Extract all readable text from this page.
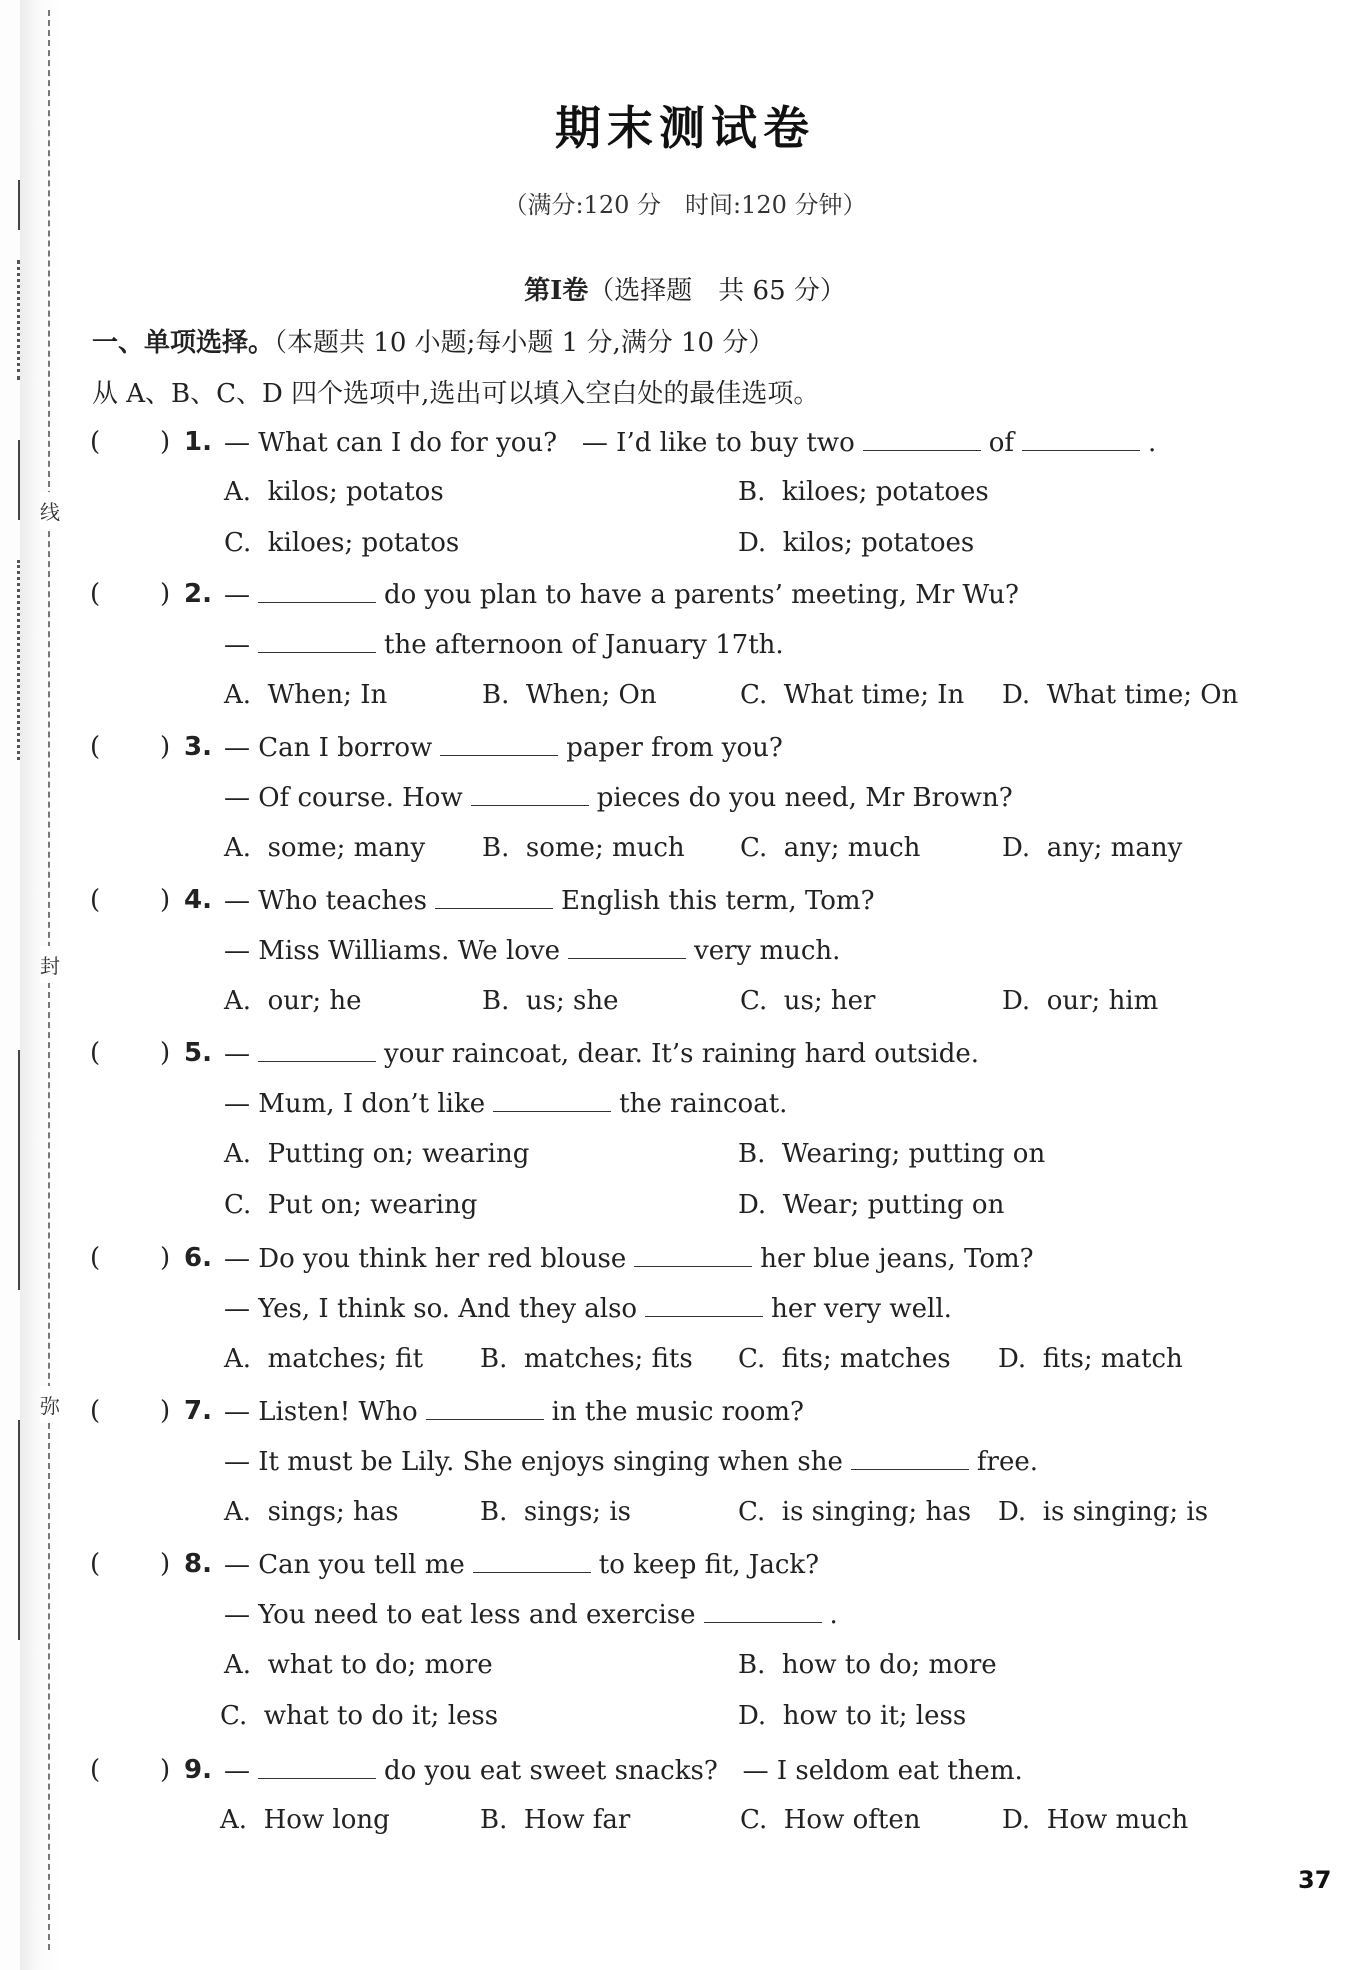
线
封
弥
期末测试卷
（满分:120 分　时间:120 分钟）
第Ⅰ卷（选择题　共 65 分）
一、单项选择。（本题共 10 小题;每小题 1 分,满分 10 分）
从 A、B、C、D 四个选项中,选出可以填入空白处的最佳选项。
( ) 1. — What can I do for you?   — I’d like to buy two	of	.
A.  kilos; potatos	B.  kiloes; potatoes
C.  kiloes; potatos	D.  kilos; potatoes
( ) 2. —	do you plan to have a parents’ meeting, Mr Wu?
—	the afternoon of January 17th.
A.  When; In	B.  When; On	C.  What time; In D.  What time; On
( ) 3. — Can I borrow	paper from you?
— Of course. How	pieces do you need, Mr Brown?
A.  some; many B.  some; much C.  any; much	D.  any; many
( ) 4. — Who teaches	English this term, Tom?
— Miss Williams. We love	very much.
A.  our; he	B.  us; she	C.  us; her	D.  our; him
( ) 5. —	your raincoat, dear. It’s raining hard outside.
— Mum, I don’t like	the raincoat.
A.  Putting on; wearing	B.  Wearing; putting on
C.  Put on; wearing	D.  Wear; putting on
( ) 6. — Do you think her red blouse	her blue jeans, Tom?
— Yes, I think so. And they also	her very well.
A.  matches; fit B.  matches; fits C.  fits; matches D.  fits; match
( ) 7. — Listen! Who	in the music room?
— It must be Lily. She enjoys singing when she	free.
A.  sings; has	B.  sings; is	C.  is singing; has D.  is singing; is
( ) 8. — Can you tell me	to keep fit, Jack?
— You need to eat less and exercise	.
A.  what to do; more	B.  how to do; more
C.  what to do it; less	D.  how to it; less
( ) 9. —	do you eat sweet snacks?   — I seldom eat them.
A.  How long	B.  How far	C.  How often	D.  How much
37
